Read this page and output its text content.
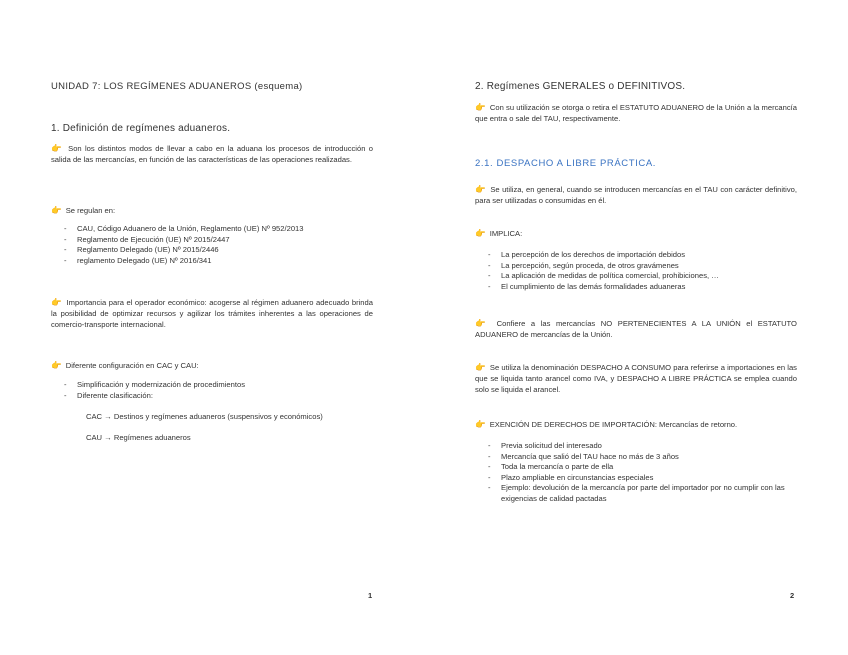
UNIDAD 7: LOS REGÍMENES ADUANEROS (esquema)
1. Definición de regímenes aduaneros.

👉 Son los distintos modos de llevar a cabo en la aduana los procesos de introducción o salida de las mercancías, en función de las características de las operaciones realizadas.

👉 Se regulan en:

- CAU, Código Aduanero de la Unión, Reglamento (UE) Nº 952/2013
- Reglamento de Ejecución (UE) Nº 2015/2447
- Reglamento Delegado (UE) Nº 2015/2446
- reglamento Delegado (UE) Nº 2016/341

👉 Importancia para el operador económico: acogerse al régimen aduanero adecuado brinda la posibilidad de optimizar recursos y agilizar los trámites inherentes a las operaciones de comercio-transporte internacional.

👉 Diferente configuración en CAC y CAU:

- Simplificación y modernización de procedimientos
- Diferente clasificación:
CAC → Destinos y regímenes aduaneros (suspensivos y económicos)
CAU → Regímenes aduaneros
1
2. Regímenes GENERALES o DEFINITIVOS.

👉 Con su utilización se otorga o retira el ESTATUTO ADUANERO de la Unión a la mercancía que entra o sale del TAU, respectivamente.

2.1. DESPACHO A LIBRE PRÁCTICA.

👉 Se utiliza, en general, cuando se introducen mercancías en el TAU con carácter definitivo, para ser utilizadas o consumidas en él.

👉 IMPLICA:

- La percepción de los derechos de importación debidos
- La percepción, según proceda, de otros gravámenes
- La aplicación de medidas de política comercial, prohibiciones, …
- El cumplimiento de las demás formalidades aduaneras

👉 Confiere a las mercancías NO PERTENECIENTES A LA UNIÓN el ESTATUTO ADUANERO de mercancías de la Unión.

👉 Se utiliza la denominación DESPACHO A CONSUMO para referirse a importaciones en las que se liquida tanto arancel como IVA, y DESPACHO A LIBRE PRÁCTICA se emplea cuando solo se liquida el arancel.

👉 EXENCIÓN DE DERECHOS DE IMPORTACIÓN: Mercancías de retorno.

- Previa solicitud del interesado
- Mercancía que salió del TAU hace no más de 3 años
- Toda la mercancía o parte de ella
- Plazo ampliable en circunstancias especiales
- Ejemplo: devolución de la mercancía por parte del importador por no cumplir con las exigencias de calidad pactadas
2
